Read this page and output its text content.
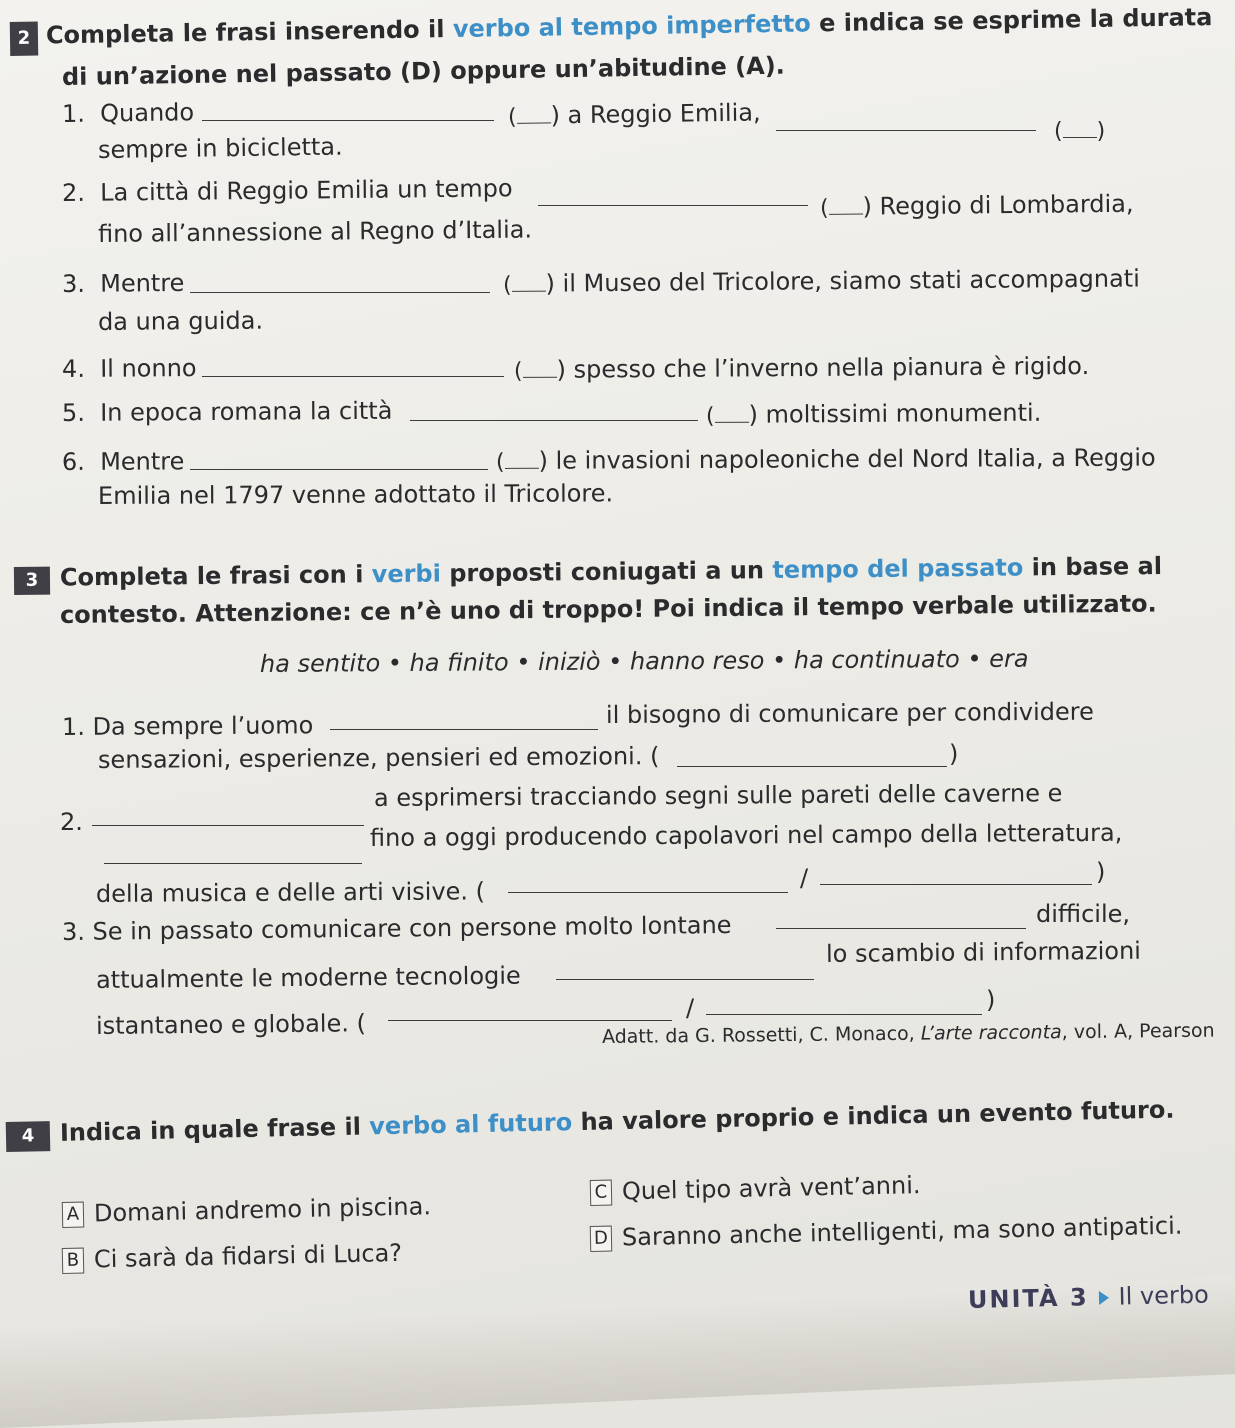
2 Completa le frasi inserendo il verbo al tempo imperfetto e indica se esprime la durata
di un’azione nel passato (D) oppure un’abitudine (A).
1. Quando	( ) a Reggio Emilia,
( )
sempre in bicicletta.
2. La città di Reggio Emilia un tempo
( ) Reggio di Lombardia,
fino all’annessione al Regno d’Italia.
3. Mentre	( ) il Museo del Tricolore, siamo stati accompagnati
da una guida.
4. Il nonno	( ) spesso che l’inverno nella pianura è rigido.
5. In epoca romana la città	( ) moltissimi monumenti.
6. Mentre	( ) le invasioni napoleoniche del Nord Italia, a Reggio
Emilia nel 1797 venne adottato il Tricolore.
3 Completa le frasi con i verbi proposti coniugati a un tempo del passato in base al
contesto. Attenzione: ce n’è uno di troppo! Poi indica il tempo verbale utilizzato.
ha sentito • ha finito • iniziò • hanno reso • ha continuato • era
1. Da sempre l’uomo	il bisogno di comunicare per condividere
sensazioni, esperienze, pensieri ed emozioni. (	)
2.
a esprimersi tracciando segni sulle pareti delle caverne e
fino a oggi producendo capolavori nel campo della letteratura,
della musica e delle arti visive. (	/	)
3. Se in passato comunicare con persone molto lontane	difficile,
attualmente le moderne tecnologie
lo scambio di informazioni
istantaneo e globale. (
/	)
Adatt. da G. Rossetti, C. Monaco, L’arte racconta, vol. A, Pearson
4 Indica in quale frase il verbo al futuro ha valore proprio e indica un evento futuro.
A Domani andremo in piscina.
B Ci sarà da fidarsi di Luca?
C Quel tipo avrà vent’anni.
D Saranno anche intelligenti, ma sono antipatici.
UNITÀ 3 Il verbo
